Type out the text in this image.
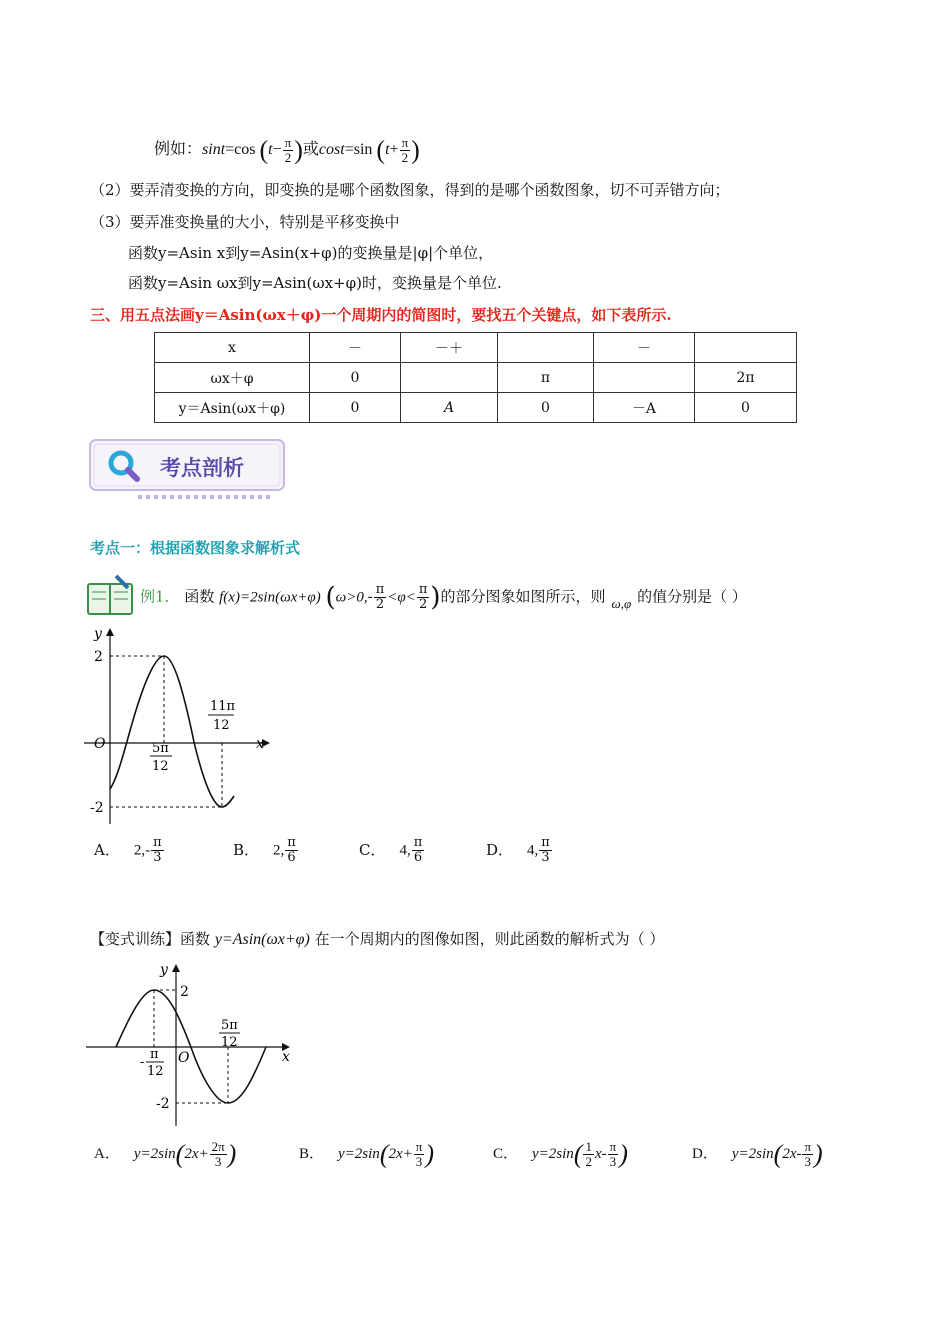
例如：sint=cos ($t- \frac{\pi}{2}$ )或cost=sin ($t+ \frac{\pi}{2}$ )
（2）要弄清变换的方向，即变换的是哪个函数图象，得到的是哪个函数图象，切不可弄错方向；
（3）要弄准变换量的大小，特别是平移变换中
函数y=Asin x到y=Asin(x+φ)的变换量是|φ|个单位，
函数y=Asin ωx到y=Asin(ωx+φ)时，变换量是个单位.
三、用五点法画y＝Asin(ωx＋φ)一个周期内的简图时，要找五个关键点，如下表所示.
x	－	－＋		－	
ωx＋φ	0		π		2π
y＝Asin(ωx＋φ)	0	A	0	－A	0
考点剖析
考点一：根据函数图象求解析式
例1． 函数 f(x)=2sin(ωx+φ) ($\omega>0,- \frac{\pi}{2} <\varphi< \frac{\pi}{2}$ )的部分图象如图所示，则 ω,φ 的值分别是（ ）
y
x
O
2
-2
5π
12
11π
12
A． $2,- \frac{\pi}{3}$	B． 2, $\frac{\pi}{6}$	C． 4, $\frac{\pi}{6}$	D． 4, $\frac{\pi}{3}$
【变式训练】函数 y=Asin(ωx+φ) 在一个周期内的图像如图，则此函数的解析式为（ ）
y
x
O
2
-2
5π
12
-
π
12
A． $y=2\sin(2x+ \frac{2\pi}{3}$ )	B． $y=2\sin(2x+ \frac{\pi}{3}$ )	C． $y=2\sin( \frac{1}{2} x- \frac{\pi}{3}$ )	D． $y=2\sin(2x- \frac{\pi}{3}$ )
